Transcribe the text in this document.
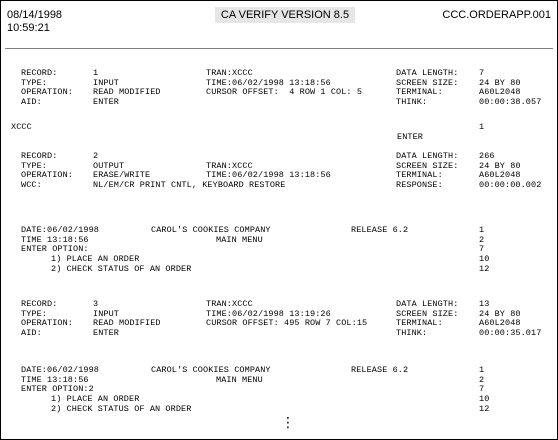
08/14/1998
10:59:21
CA VERIFY VERSION 8.5	CCC.ORDERAPP.001
RECORD:	1	TRAN:XCCC	DATA LENGTH: 7
TYPE:	INPUT	TIME:06/02/1998 13:18:56	SCREEN SIZE: 24 BY 80
OPERATION: READ MODIFIED	CURSOR OFFSET:  4 ROW 1 COL: 5	TERMINAL:	A60L2048
AID:	ENTER	THINK:	00:00:38.057
XCCC	1
ENTER
RECORD:	2	DATA LENGTH: 266
TYPE:	OUTPUT	TRAN:XCCC	SCREEN SIZE: 24 BY 80
OPERATION: ERASE/WRITE	TIME:06/02/1998 13:18:56	TERMINAL:	A60L2048
WCC:	NL/EM/CR PRINT CNTL, KEYBOARD RESTORE	RESPONSE:	00:00:00.002
DATE:06/02/1998	CAROL'S COOKIES COMPANY	RELEASE 6.2	1
TIME 13:18:56	MAIN MENU	2
ENTER OPTION:	7
1) PLACE AN ORDER	10
2) CHECK STATUS OF AN ORDER	12
RECORD:	3	TRAN:XCCC	DATA LENGTH: 13
TYPE:	INPUT	TIME:06/02/1998 13:19:26	SCREEN SIZE: 24 BY 80
OPERATION: READ MODIFIED	CURSOR OFFSET: 495 ROW 7 COL:15	TERMINAL:	A60L2048
AID:	ENTER	THINK:	00:00:35.017
DATE:06/02/1998	CAROL'S COOKIES COMPANY	RELEASE 6.2	1
TIME 13:18:56	MAIN MENU	2
ENTER OPTION:2	7
1) PLACE AN ORDER	10
2) CHECK STATUS OF AN ORDER	12
⋮
